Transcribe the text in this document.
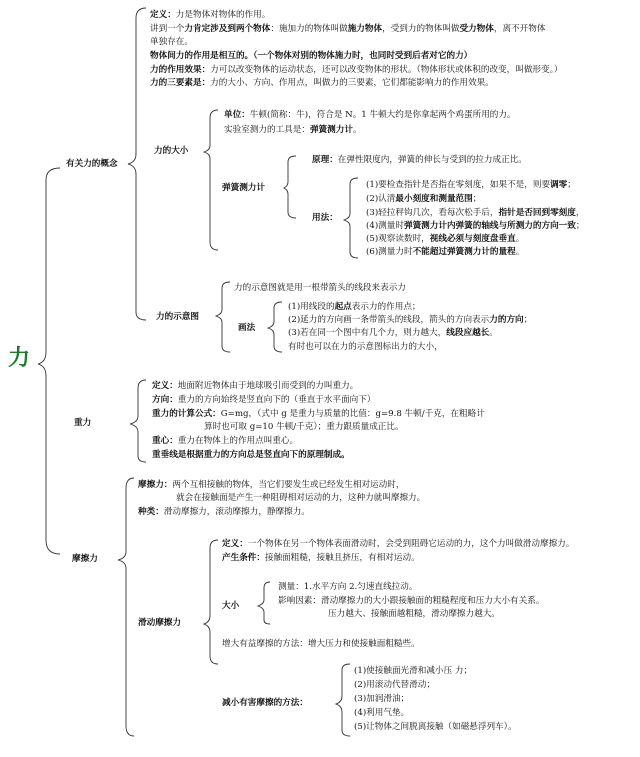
力
有关力的概念
定义：力是物体对物体的作用。
讲到一个力肯定涉及到两个物体：施加力的物体叫做施力物体，受到力的物体叫做受力物体，离不开物体
单独存在。
物体间力的作用是相互的。（一个物体对别的物体施力时，也同时受到后者对它的力）
力的作用效果：力可以改变物体的运动状态，还可以改变物体的形状。（物体形状或体积的改变，叫做形变。）
力的三要素是：力的大小、方向、作用点，叫做力的三要素，它们都能影响力的作用效果。
力的大小
单位：牛顿(简称：牛)，符合是 N。1 牛顿大约是你拿起两个鸡蛋所用的力。
实验室测力的工具是：弹簧测力计。
弹簧测力计
原理：在弹性限度内，弹簧的伸长与受到的拉力成正比。
用法：
(1)要检查指针是否指在零刻度，如果不是，则要调零；
(2)认清最小刻度和测量范围；
(3)轻拉秤钩几次，看每次松手后，指针是否回到零刻度，
(4)测量时弹簧测力计内弹簧的轴线与所测力的方向一致；
(5)观察读数时，视线必须与刻度盘垂直。
(6)测量力时不能超过弹簧测力计的量程。
力的示意图
力的示意图就是用一根带箭头的线段来表示力
画法
(1)用线段的起点表示力的作用点；
(2)延力的方向画一条带箭头的线段，箭头的方向表示力的方向；
(3)若在同一个图中有几个力，则力越大，线段应越长。
有时也可以在力的示意图标出力的大小，
重力
定义：地面附近物体由于地球吸引而受到的力叫重力。
方向：重力的方向始终是竖直向下的（垂直于水平面向下）
重力的计算公式：G=mg，（式中 g 是重力与质量的比值：g=9.8 牛顿/千克，在粗略计
算时也可取 g=10 牛顿/千克）；重力跟质量成正比。
重心：重力在物体上的作用点叫重心。
重垂线是根据重力的方向总是竖直向下的原理制成。
摩擦力
摩擦力：两个互相接触的物体，当它们要发生或已经发生相对运动时，
就会在接触面是产生一种阻碍相对运动的力，这种力就叫摩擦力。
种类：滑动摩擦力，滚动摩擦力，静摩擦力。
滑动摩擦力
定义：一个物体在另一个物体表面滑动时，会受到阻碍它运动的力，这个力叫做滑动摩擦力。
产生条件：接触面粗糙，接触且挤压，有相对运动。
大小
测量：1.水平方向 2.匀速直线拉动。
影响因素：滑动摩擦力的大小跟接触面的粗糙程度和压力大小有关系。
压力越大、接触面越粗糙，滑动摩擦力越大。
增大有益摩擦的方法：增大压力和使接触面粗糙些。
减小有害摩擦的方法：
(1)使接触面光滑和减小压 力；
(2)用滚动代替滑动；
(3)加润滑油；
(4)利用气垫。
(5)让物体之间脱离接触（如磁悬浮列车）。
